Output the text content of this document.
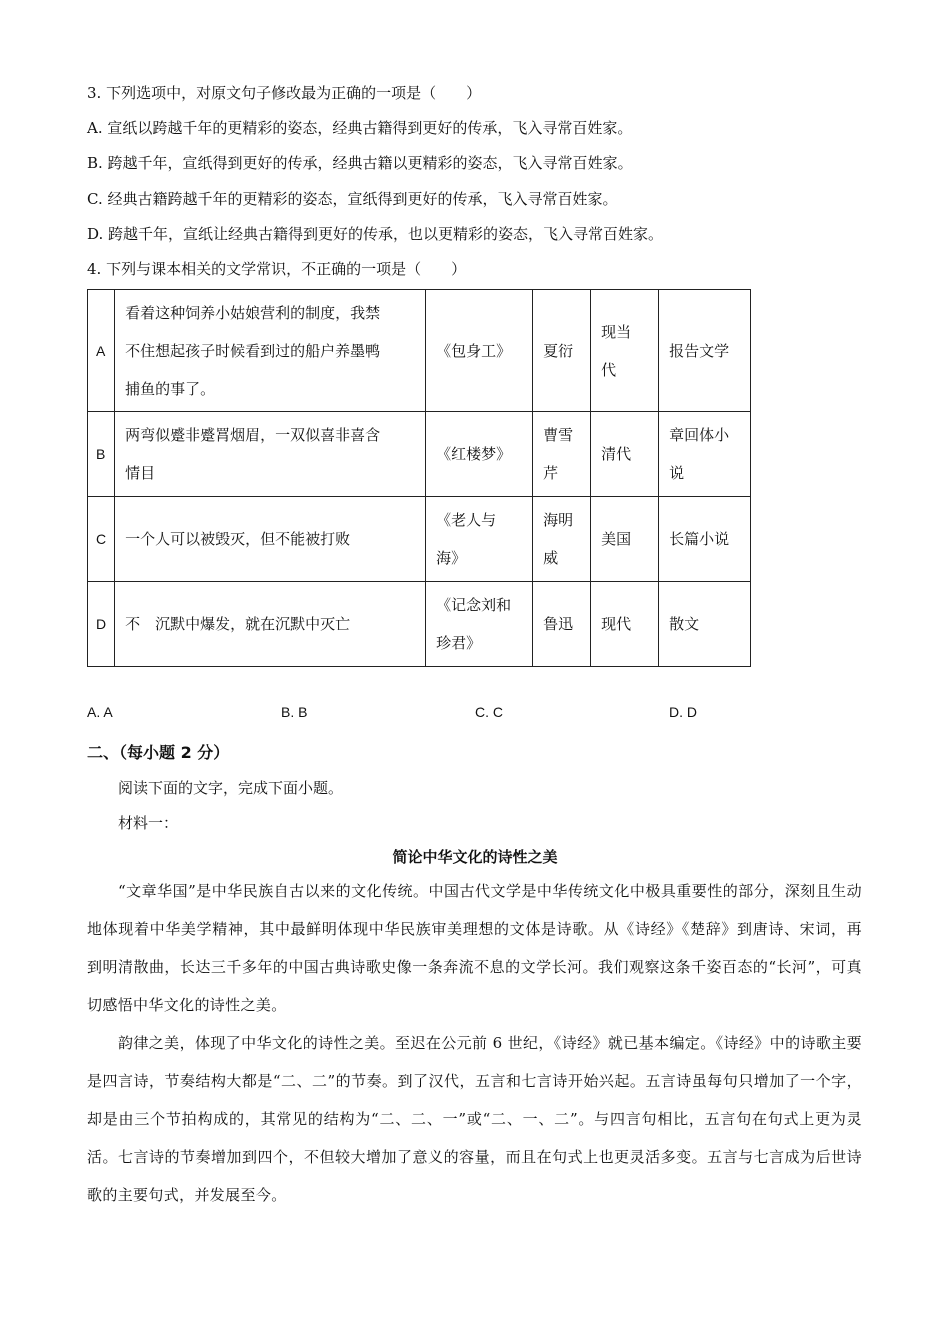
3. 下列选项中，对原文句子修改最为正确的一项是（　　）
A. 宣纸以跨越千年的更精彩的姿态，经典古籍得到更好的传承，飞入寻常百姓家。
B. 跨越千年，宣纸得到更好的传承，经典古籍以更精彩的姿态，飞入寻常百姓家。
C. 经典古籍跨越千年的更精彩的姿态，宣纸得到更好的传承，飞入寻常百姓家。
D. 跨越千年，宣纸让经典古籍得到更好的传承，也以更精彩的姿态，飞入寻常百姓家。
4. 下列与课本相关的文学常识，不正确的一项是（　　）
A	看着这种饲养小姑娘营利的制度，我禁
不住想起孩子时候看到过的船户养墨鸭
捕鱼的事了。	《包身工》	夏衍	现当
代	报告文学
B	两弯似蹙非蹙罥烟眉，一双似喜非喜含
情目	《红楼梦》	曹雪
芹	清代	章回体小
说
C	一个人可以被毁灭，但不能被打败	《老人与
海》	海明
威	美国	长篇小说
D	不　沉默中爆发，就在沉默中灭亡	《记念刘和
珍君》	鲁迅	现代	散文
A. A	B. B	C. C	D. D
二、（每小题 2 分）
阅读下面的文字，完成下面小题。
材料一：
简论中华文化的诗性之美
“文章华国”是中华民族自古以来的文化传统。中国古代文学是中华传统文化中极具重要性的部分，深刻且生动地体现着中华美学精神，其中最鲜明体现中华民族审美理想的文体是诗歌。从《诗经》《楚辞》到唐诗、宋词，再到明清散曲，长达三千多年的中国古典诗歌史像一条奔流不息的文学长河。我们观察这条千姿百态的“长河”，可真切感悟中华文化的诗性之美。
韵律之美，体现了中华文化的诗性之美。至迟在公元前 6 世纪，《诗经》就已基本编定。《诗经》中的诗歌主要是四言诗，节奏结构大都是“二、二”的节奏。到了汉代，五言和七言诗开始兴起。五言诗虽每句只增加了一个字，却是由三个节拍构成的，其常见的结构为“二、二、一”或“二、一、二”。与四言句相比，五言句在句式上更为灵活。七言诗的节奏增加到四个，不但较大增加了意义的容量，而且在句式上也更灵活多变。五言与七言成为后世诗歌的主要句式，并发展至今。
